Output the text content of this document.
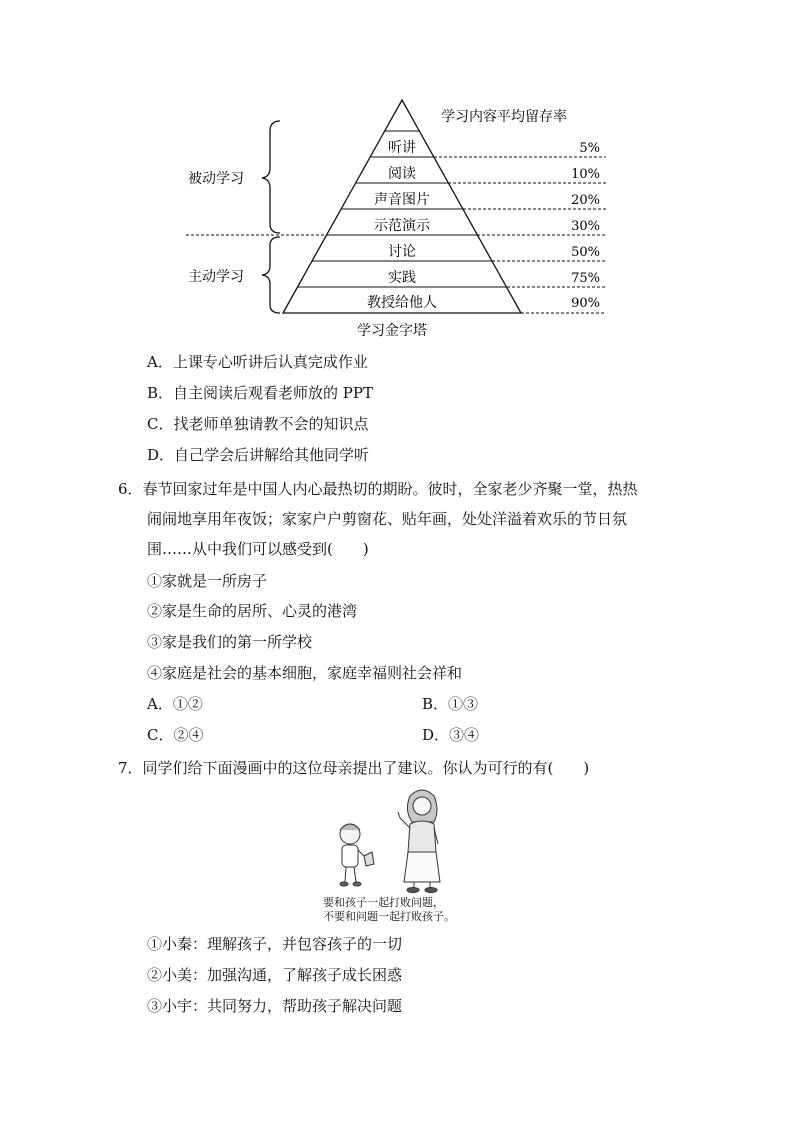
听讲
阅读
声音图片
示范演示
讨论
实践
教授给他人
5%
10%
20%
30%
50%
75%
90%
学习内容平均留存率
被动学习
主动学习
学习金字塔
A．上课专心听讲后认真完成作业
B．自主阅读后观看老师放的 PPT
C．找老师单独请教不会的知识点
D．自己学会后讲解给其他同学听
6．春节回家过年是中国人内心最热切的期盼。彼时，全家老少齐聚一堂，热热
闹闹地享用年夜饭；家家户户剪窗花、贴年画，处处洋溢着欢乐的节日氛
围……从中我们可以感受到(　　)
①家就是一所房子
②家是生命的居所、心灵的港湾
③家是我们的第一所学校
④家庭是社会的基本细胞，家庭幸福则社会祥和
A．①②	B．①③
C．②④	D．③④
7．同学们给下面漫画中的这位母亲提出了建议。你认为可行的有(　　)
要和孩子一起打败问题，
不要和问题一起打败孩子。
①小秦：理解孩子，并包容孩子的一切
②小美：加强沟通，了解孩子成长困惑
③小宇：共同努力，帮助孩子解决问题
